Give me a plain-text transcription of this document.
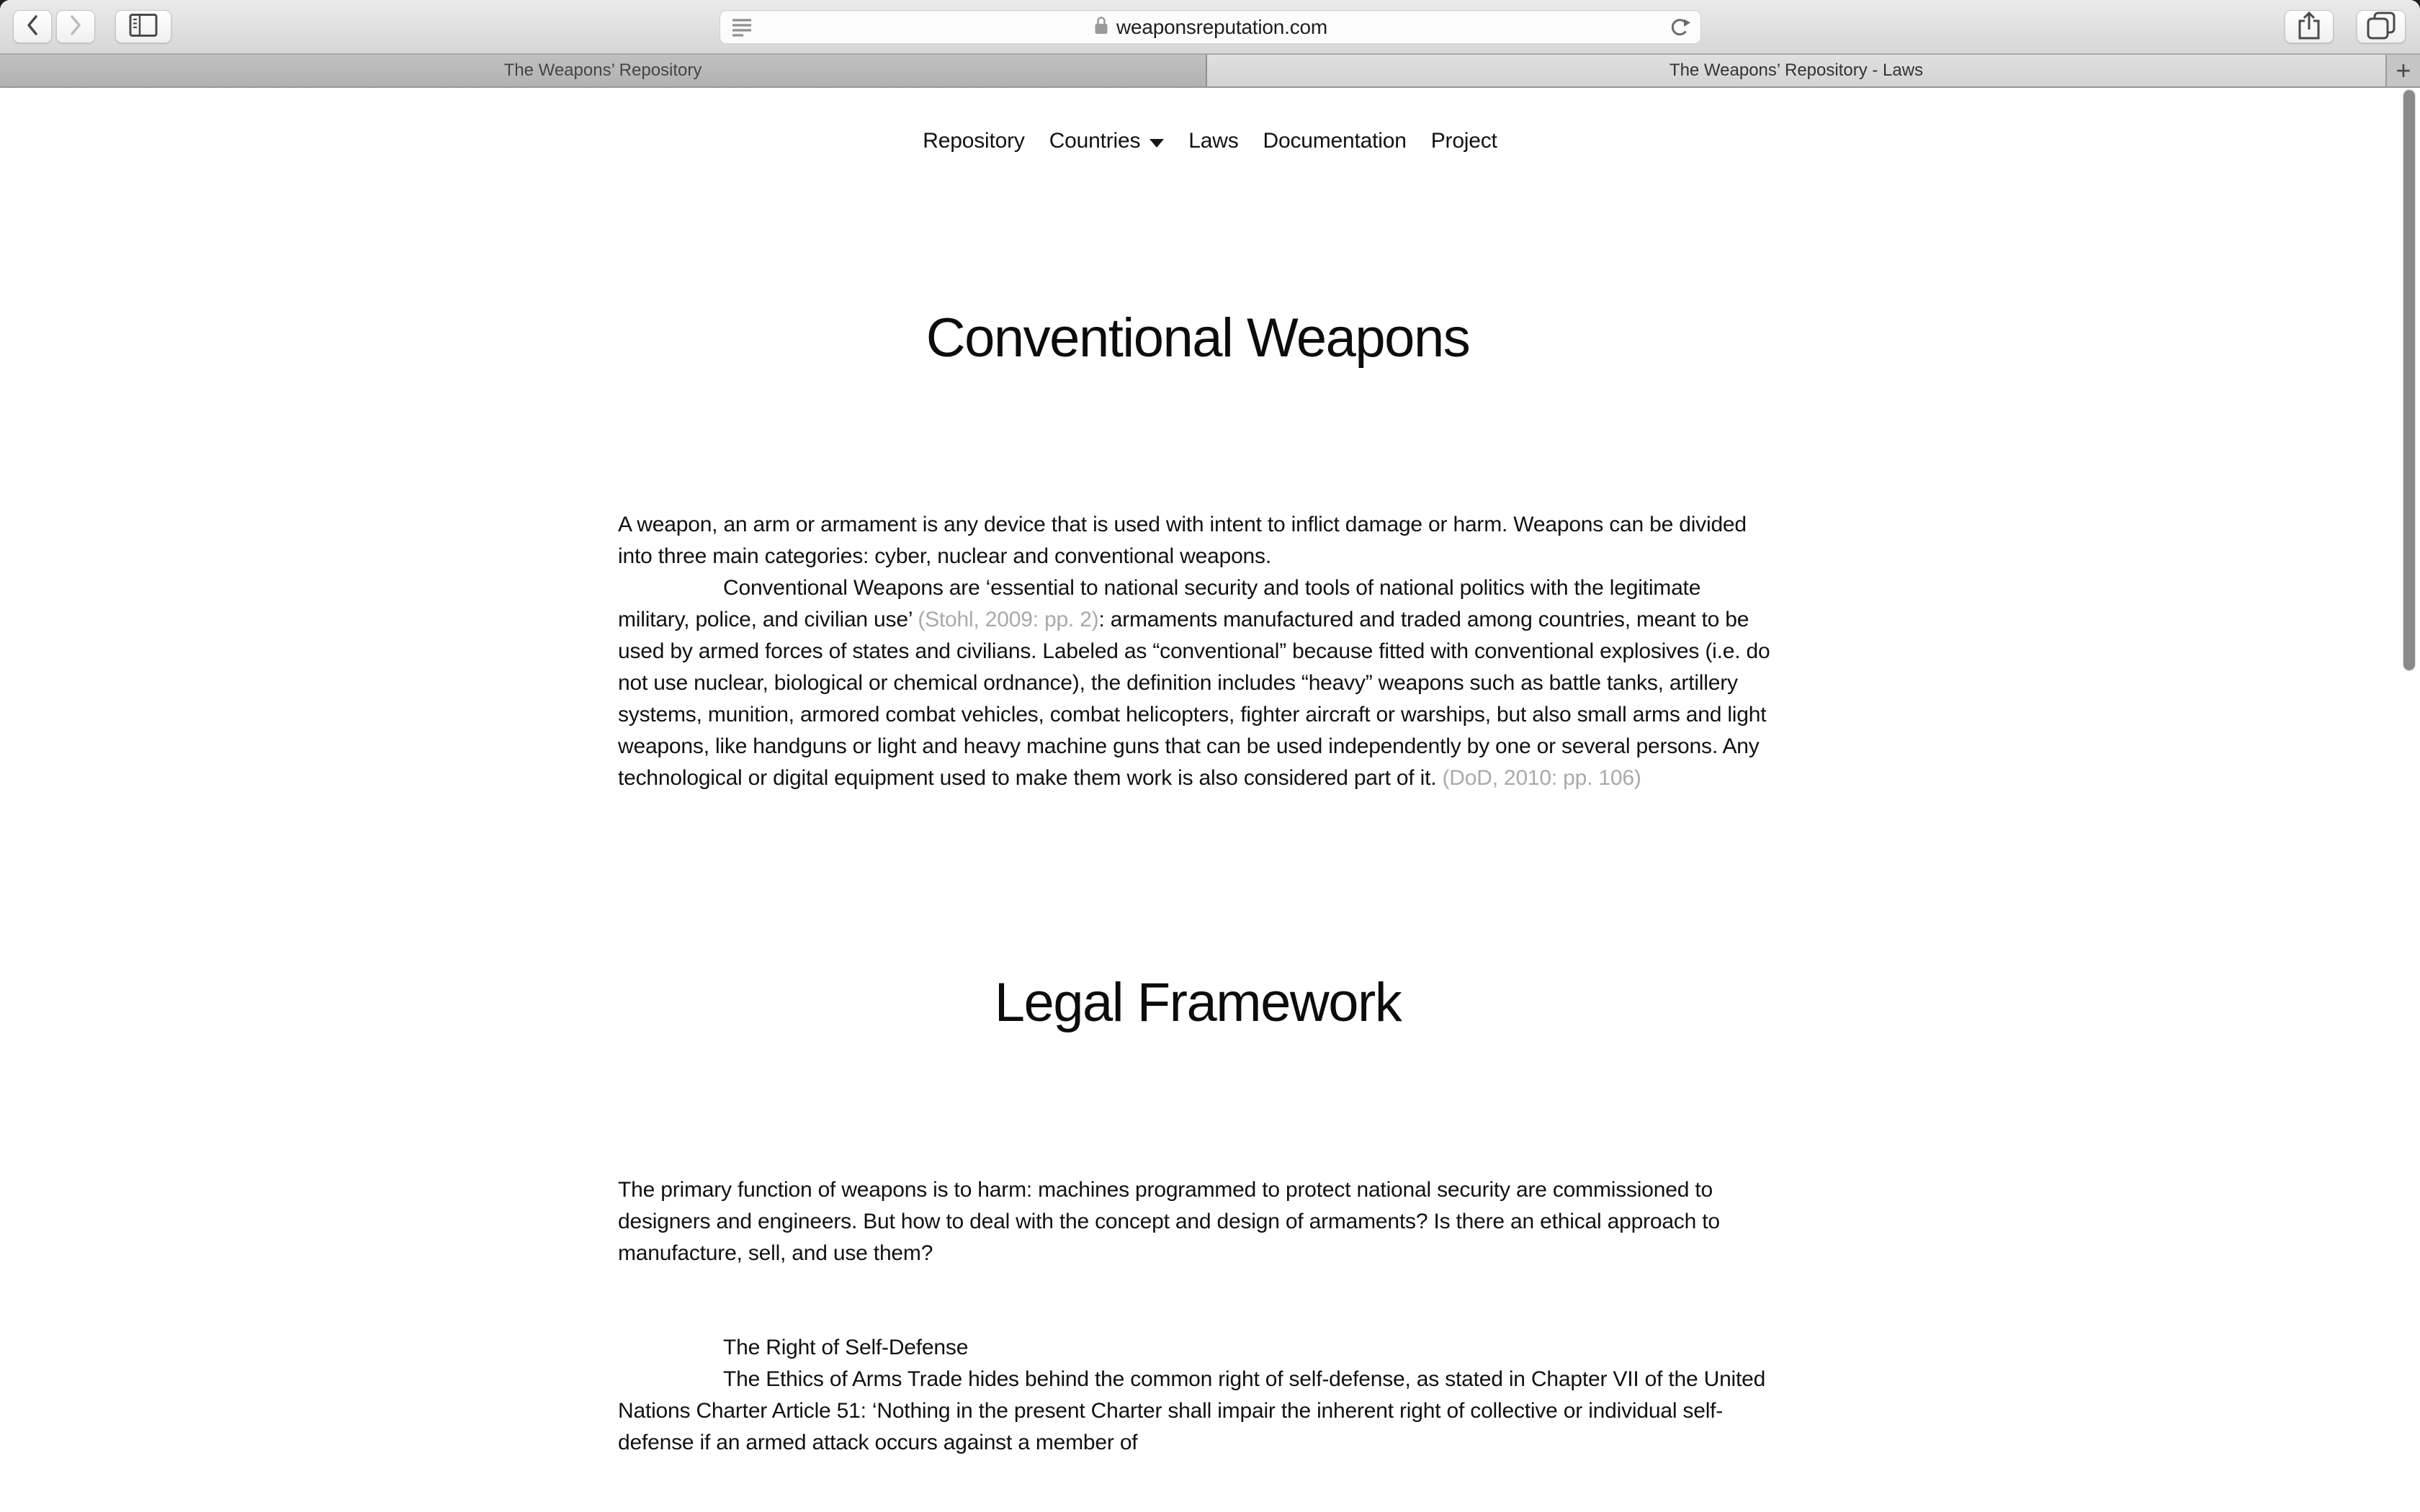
weaponsreputation.com
The Weapons’ Repository	The Weapons’ Repository - Laws	+
Repository Countries Laws Documentation Project
Conventional Weapons

A weapon, an arm or armament is any device that is used with intent to inflict damage or harm. Weapons can be divided into three main categories: cyber, nuclear and conventional weapons.

Conventional Weapons are ‘essential to national security and tools of national politics with the legitimate military, police, and civilian use’ (Stohl, 2009: pp. 2): armaments manufactured and traded among countries, meant to be used by armed forces of states and civilians. Labeled as “conventional” because fitted with conventional explosives (i.e. do not use nuclear, biological or chemical ordnance), the definition includes “heavy” weapons such as battle tanks, artillery systems, munition, armored combat vehicles, combat helicopters, fighter aircraft or warships, but also small arms and light weapons, like handguns or light and heavy machine guns that can be used independently by one or several persons. Any technological or digital equipment used to make them work is also considered part of it. (DoD, 2010: pp. 106)

Legal Framework

The primary function of weapons is to harm: machines programmed to protect national security are commissioned to designers and engineers. But how to deal with the concept and design of armaments? Is there an ethical approach to manufacture, sell, and use them?

The Right of Self-Defense

The Ethics of Arms Trade hides behind the common right of self-defense, as stated in Chapter VII of the United Nations Charter Article 51: ‘Nothing in the present Charter shall impair the inherent right of collective or individual self-defense if an armed attack occurs against a member of
